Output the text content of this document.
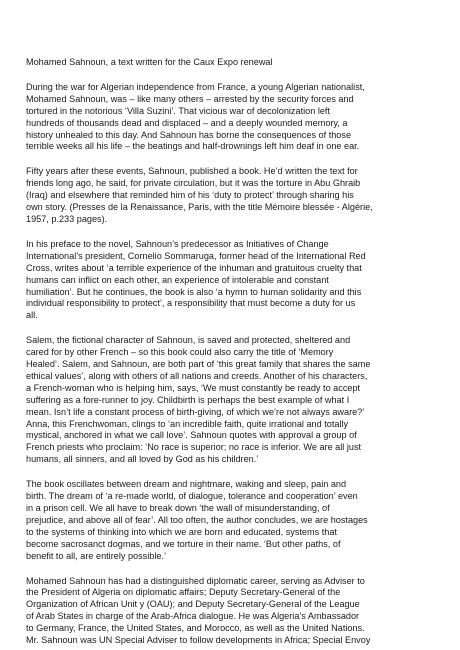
Mohamed Sahnoun, a text written for the Caux Expo renewal

During the war for Algerian independence from France, a young Algerian nationalist,

Mohamed Sahnoun, was – like many others – arrested by the security forces and

tortured in the notorious ‘Villa Suzini’. That vicious war of decolonization left

hundreds of thousands dead and displaced – and a deeply wounded memory, a

history unhealed to this day. And Sahnoun has borne the consequences of those

terrible weeks all his life – the beatings and half-drownings left him deaf in one ear.

Fifty years after these events, Sahnoun, published a book. He’d written the text for

friends long ago, he said, for private circulation, but it was the torture in Abu Ghraib

(Iraq) and elsewhere that reminded him of his ‘duty to protect’ through sharing his

own story. (Presses de la Renaissance, Paris, with the title Mémoire blessée - Algérie,

1957, p.233 pages).

In his preface to the novel, Sahnoun’s predecessor as Initiatives of Change

International’s president, Cornelio Sommaruga, former head of the International Red

Cross, writes about ‘a terrible experience of the inhuman and gratuitous cruelty that

humans can inflict on each other, an experience of intolerable and constant

humiliation’. But he continues, the book is also ‘a hymn to human solidarity and this

individual responsibility to protect’, a responsibility that must become a duty for us

all.

Salem, the fictional character of Sahnoun, is saved and protected, sheltered and

cared for by other French – so this book could also carry the title of ‘Memory

Healed’. Salem, and Sahnoun, are both part of ‘this great family that shares the same

ethical values’, along with others of all nations and creeds. Another of his characters,

a French-woman who is helping him, says, ‘We must constantly be ready to accept

suffering as a fore-runner to joy. Childbirth is perhaps the best example of what I

mean. Isn’t life a constant process of birth-giving, of which we’re not always aware?’

Anna, this Frenchwoman, clings to ‘an incredible faith, quite irrational and totally

mystical, anchored in what we call love’. Sahnoun quotes with approval a group of

French priests who proclaim: ‘No race is superior; no race is inferior. We are all just

humans, all sinners, and all loved by God as his children.’

The book oscillates between dream and nightmare, waking and sleep, pain and

birth. The dream of ‘a re-made world, of dialogue, tolerance and cooperation’ even

in a prison cell. We all have to break down ‘the wall of misunderstanding, of

prejudice, and above all of fear’. All too often, the author concludes, we are hostages

to the systems of thinking into which we are born and educated, systems that

become sacrosanct dogmas, and we torture in their name. ‘But other paths, of

benefit to all, are entirely possible.’

Mohamed Sahnoun has had a distinguished diplomatic career, serving as Adviser to

the President of Algeria on diplomatic affairs; Deputy Secretary-General of the

Organization of African Unit y (OAU); and Deputy Secretary-General of the League

of Arab States in charge of the Arab-Africa dialogue. He was Algeria’s Ambassador

to Germany, France, the United States, and Morocco, as well as the United Nations.

Mr. Sahnoun was UN Special Adviser to follow developments in Africa; Special Envoy
